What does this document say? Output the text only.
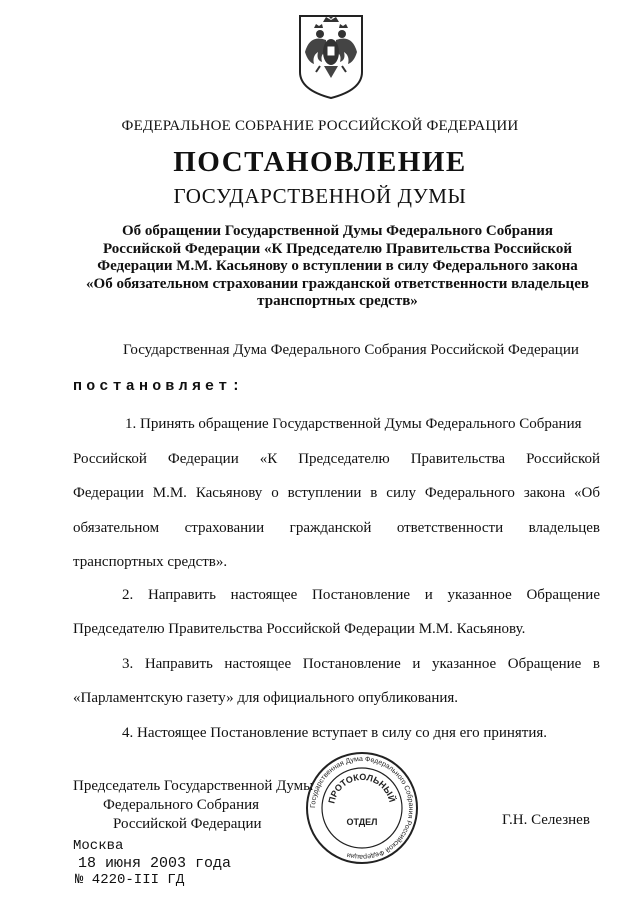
ФЕДЕРАЛЬНОЕ СОБРАНИЕ РОССИЙСКОЙ ФЕДЕРАЦИИ
ПОСТАНОВЛЕНИЕ
ГОСУДАРСТВЕННОЙ ДУМЫ
Об обращении Государственной Думы Федерального Собрания
Российской Федерации «К Председателю Правительства Российской
Федерации М.М. Касьянову о вступлении в силу Федерального закона
«Об обязательном страховании гражданской ответственности владельцев
транспортных средств»
Государственная Дума Федерального Собрания Российской Федерации
постановляет:
1. Принять обращение Государственной Думы Федерального Собрания
Российской Федерации «К Председателю Правительства Российской
Федерации М.М. Касьянову о вступлении в силу Федерального закона «Об
обязательном страховании гражданской ответственности владельцев
транспортных средств».
2. Направить настоящее Постановление и указанное Обращение
Председателю Правительства Российской Федерации М.М. Касьянову.
3. Направить настоящее Постановление и указанное Обращение в
«Парламентскую газету» для официального опубликования.
4. Настоящее Постановление вступает в силу со дня его принятия.
Председатель Государственной Думы
Федерального Собрания
Российской Федерации	Г.Н. Селезнев
Москва
18 июня 2003 года
№ 4220-III ГД
Государственная Дума Федерального Собрания Российской Федерации
ПРОТОКОЛЬНЫЙ
ОТДЕЛ
